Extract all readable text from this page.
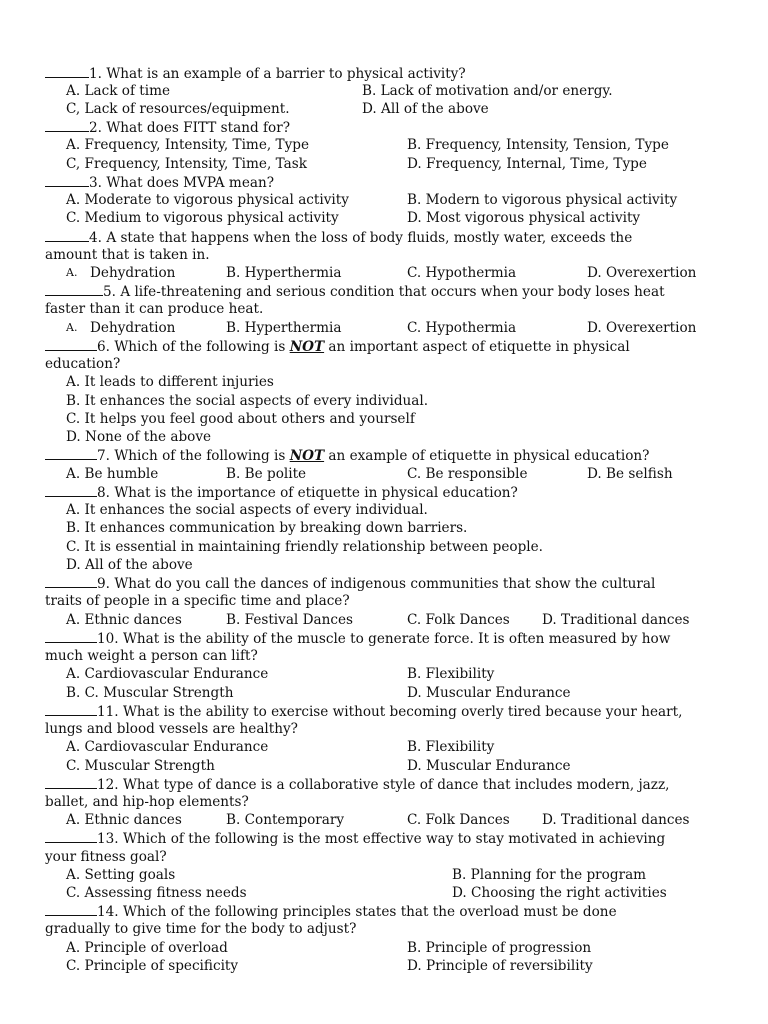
1. What is an example of a barrier to physical activity?
A. Lack of time	B. Lack of motivation and/or energy.
C, Lack of resources/equipment.	D. All of the above
2. What does FITT stand for?
A. Frequency, Intensity, Time, Type	B. Frequency, Intensity, Tension, Type
C, Frequency, Intensity, Time, Task	D. Frequency, Internal, Time, Type
3. What does MVPA mean?
A. Moderate to vigorous physical activity	B. Modern to vigorous physical activity
C. Medium to vigorous physical activity	D. Most vigorous physical activity
4. A state that happens when the loss of body fluids, mostly water, exceeds the
amount that is taken in.
A. Dehydration	B. Hyperthermia	C. Hypothermia	D. Overexertion
5. A life-threatening and serious condition that occurs when your body loses heat
faster than it can produce heat.
A. Dehydration	B. Hyperthermia	C. Hypothermia	D. Overexertion
6. Which of the following is NOT an important aspect of etiquette in physical
education?
A. It leads to different injuries
B. It enhances the social aspects of every individual.
C. It helps you feel good about others and yourself
D. None of the above
7. Which of the following is NOT an example of etiquette in physical education?
A. Be humble	B. Be polite	C. Be responsible	D. Be selfish
8. What is the importance of etiquette in physical education?
A. It enhances the social aspects of every individual.
B. It enhances communication by breaking down barriers.
C. It is essential in maintaining friendly relationship between people.
D. All of the above
9. What do you call the dances of indigenous communities that show the cultural
traits of people in a specific time and place?
A. Ethnic dances	B. Festival Dances	C. Folk Dances D. Traditional dances
10. What is the ability of the muscle to generate force. It is often measured by how
much weight a person can lift?
A. Cardiovascular Endurance	B. Flexibility
B. C. Muscular Strength	D. Muscular Endurance
11. What is the ability to exercise without becoming overly tired because your heart,
lungs and blood vessels are healthy?
A. Cardiovascular Endurance	B. Flexibility
C. Muscular Strength	D. Muscular Endurance
12. What type of dance is a collaborative style of dance that includes modern, jazz,
ballet, and hip-hop elements?
A. Ethnic dances	B. Contemporary	C. Folk Dances D. Traditional dances
13. Which of the following is the most effective way to stay motivated in achieving
your fitness goal?
A. Setting goals	B. Planning for the program
C. Assessing fitness needs	D. Choosing the right activities
14. Which of the following principles states that the overload must be done
gradually to give time for the body to adjust?
A. Principle of overload	B. Principle of progression
C. Principle of specificity	D. Principle of reversibility
